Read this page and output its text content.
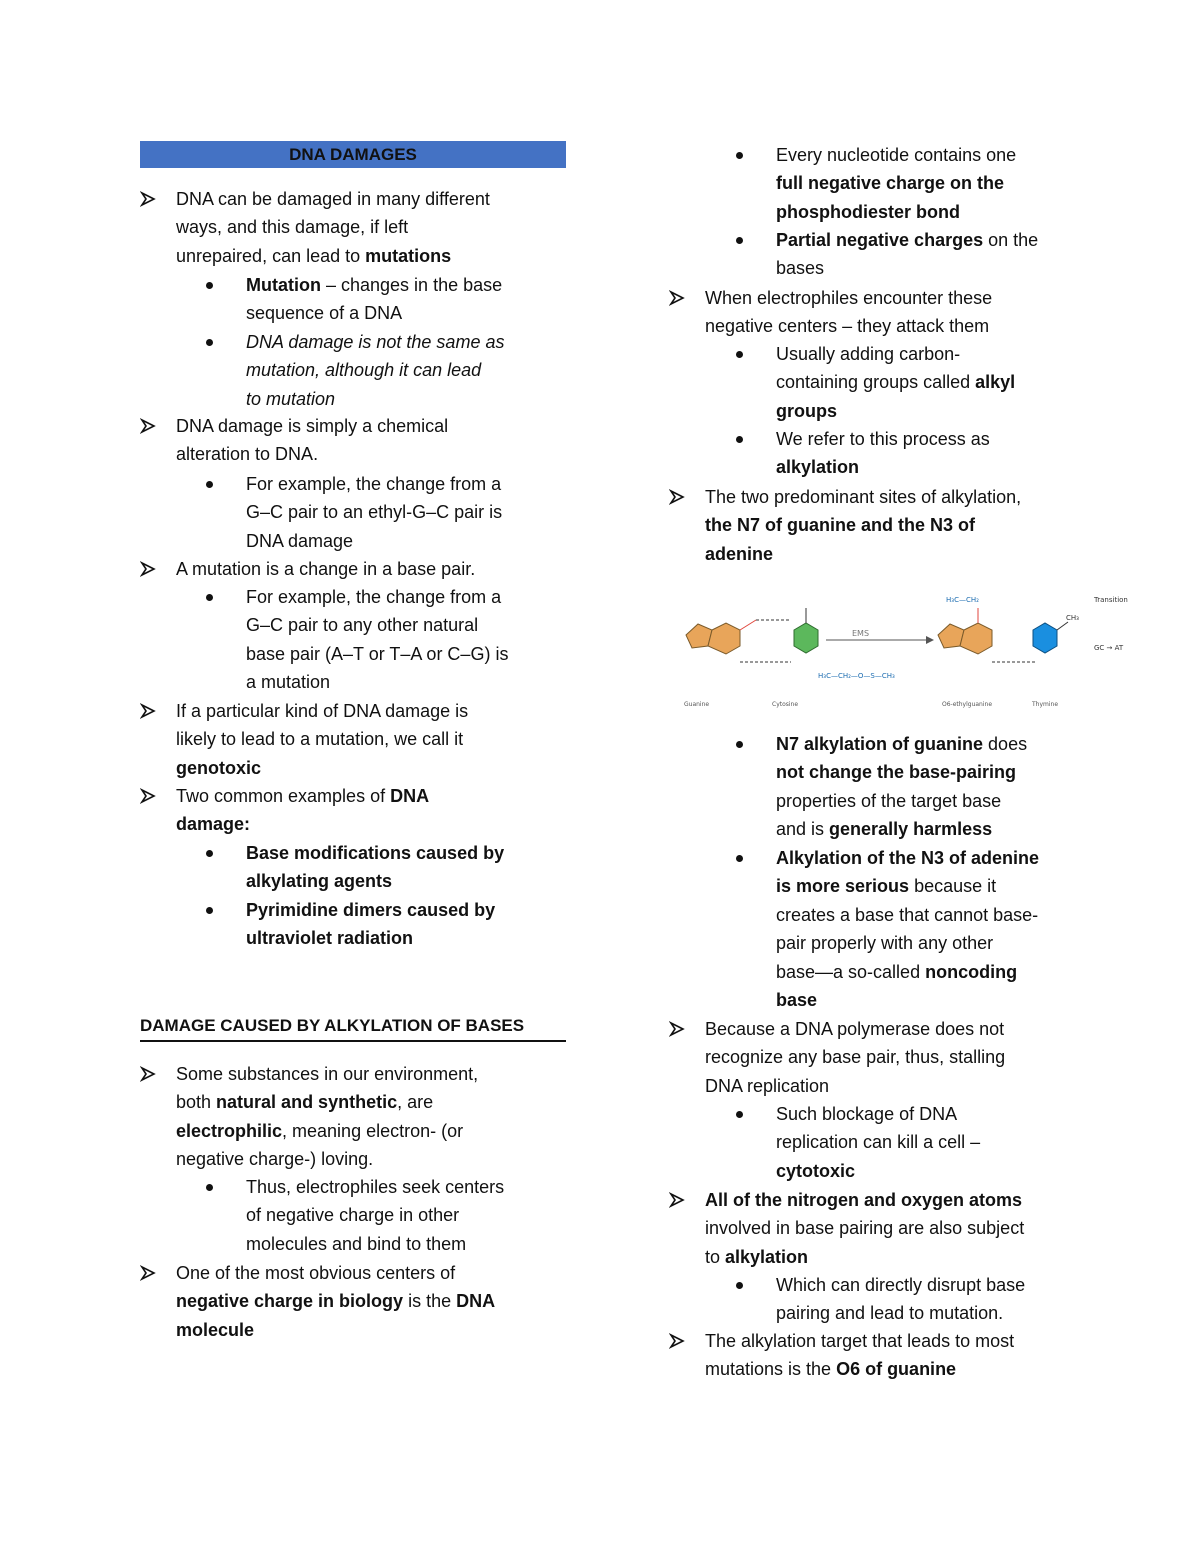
DNA DAMAGES
DNA can be damaged in many different
ways, and this damage, if left
unrepaired, can lead to mutations
Mutation – changes in the base
sequence of a DNA
DNA damage is not the same as
mutation, although it can lead
to mutation
DNA damage is simply a chemical
alteration to DNA.
For example, the change from a
G–C pair to an ethyl-G–C pair is
DNA damage
A mutation is a change in a base pair.
For example, the change from a
G–C pair to any other natural
base pair (A–T or T–A or C–G) is
a mutation
If a particular kind of DNA damage is
likely to lead to a mutation, we call it
genotoxic
Two common examples of DNA
damage:
Base modifications caused by
alkylating agents
Pyrimidine dimers caused by
ultraviolet radiation
DAMAGE CAUSED BY ALKYLATION OF BASES
Some substances in our environment,
both natural and synthetic, are
electrophilic, meaning electron- (or
negative charge-) loving.
Thus, electrophiles seek centers
of negative charge in other
molecules and bind to them
One of the most obvious centers of
negative charge in biology is the DNA
molecule
Every nucleotide contains one
full negative charge on the
phosphodiester bond
Partial negative charges on the
bases
When electrophiles encounter these
negative centers – they attack them
Usually adding carbon-
containing groups called alkyl
groups
We refer to this process as
alkylation
The two predominant sites of alkylation,
the N7 of guanine and the N3 of
adenine
N7 alkylation of guanine does
not change the base-pairing
properties of the target base
and is generally harmless
Alkylation of the N3 of adenine
is more serious because it
creates a base that cannot base-
pair properly with any other
base—a so-called noncoding
base
Because a DNA polymerase does not
recognize any base pair, thus, stalling
DNA replication
Such blockage of DNA
replication can kill a cell –
cytotoxic
All of the nitrogen and oxygen atoms
involved in base pairing are also subject
to alkylation
Which can directly disrupt base
pairing and lead to mutation.
The alkylation target that leads to most
mutations is the O6 of guanine
EMS
H₃C—CH₂—O—S—CH₃
H₃C—CH₂
CH₃
Transition
GC → AT
Guanine	Cytosine	O6-ethylguanine	Thymine
